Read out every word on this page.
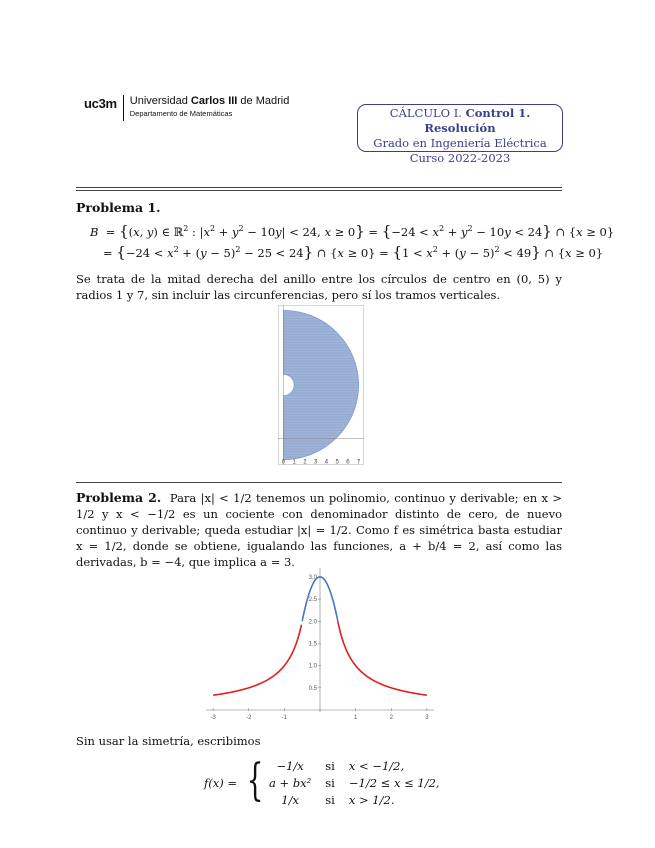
uc3m Universidad Carlos III de Madrid
Departamento de Matemáticas	CÁLCULO I. Control 1. Resolución
Grado en Ingeniería Eléctrica
Curso 2022-2023
Problema 1.
B  = {(x, y) ∈ ℝ$^2$ : $|x^2 + y^2 - 10y| < 24$, $x \ge 0\} = \{-24 < x^2 + y^2 - 10y < 24\}$ ∩ {x ≥ 0}
= $\{-24 < x^2 + (y - 5)^2 - 25 < 24\}$ ∩ $\{x \ge 0\} = \{1 < x^2 + (y - 5)^2 < 49\}$ ∩ {x ≥ 0}
Se trata de la mitad derecha del anillo entre los círculos de centro en (0, 5) y radios 1 y 7, sin incluir las circunferencias, pero sí los tramos verticales.
0 1 2 3 4 5 6 7
Problema 2. Para |x| < 1/2 tenemos un polinomio, continuo y derivable; en x > 1/2 y x < −1/2 es un cociente con denominador distinto de cero, de nuevo continuo y derivable; queda estudiar |x| = 1/2. Como f es simétrica basta estudiar x = 1/2, donde se obtiene, igualando las funciones, a + b/4 = 2, así como las derivadas, b = −4, que implica a = 3.
-3	-2	-1	1	2	3
0.5
1.0
1.5
2.0
2.5
3.0
Sin usar la simetría, escribimos
f(x) = {	−1/x	si x < −1/2,
a + bx² si −1/2 ≤ x ≤ 1/2,
1/x	si x > 1/2.
